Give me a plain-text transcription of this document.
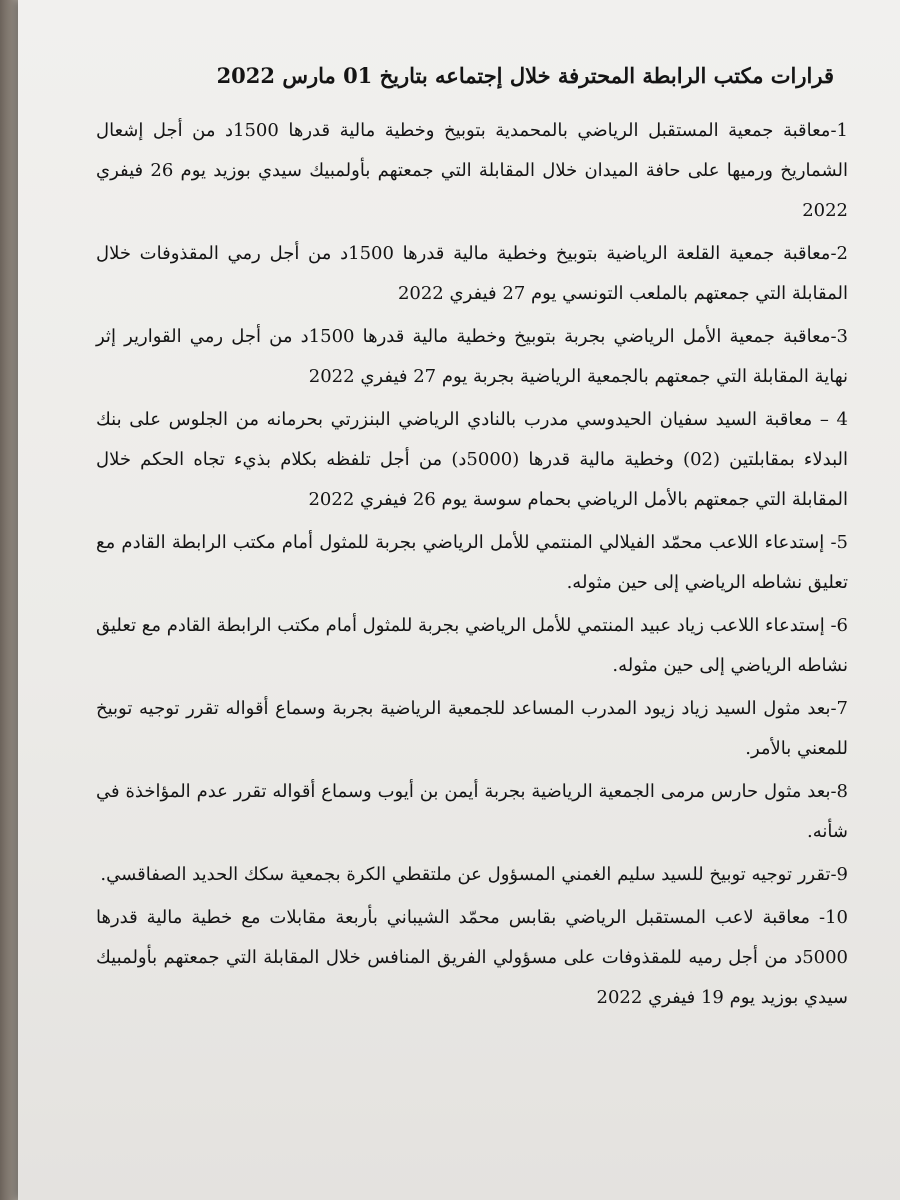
قرارات مكتب الرابطة المحترفة خلال إجتماعه بتاريخ 01 مارس 2022
1-معاقبة جمعية المستقبل الرياضي بالمحمدية بتوبيخ وخطية مالية قدرها 1500د من أجل إشعال الشماريخ ورميها على حافة الميدان خلال المقابلة التي جمعتهم بأولمبيك سيدي بوزيد يوم 26 فيفري 2022
2-معاقبة جمعية القلعة الرياضية بتوبيخ وخطية مالية قدرها 1500د من أجل رمي المقذوفات خلال المقابلة التي جمعتهم بالملعب التونسي يوم 27 فيفري 2022
3-معاقبة جمعية الأمل الرياضي بجربة بتوبيخ وخطية مالية قدرها 1500د من أجل رمي القوارير إثر نهاية المقابلة التي جمعتهم بالجمعية الرياضية بجربة يوم 27 فيفري 2022
4 – معاقبة السيد سفيان الحيدوسي مدرب بالنادي الرياضي البنزرتي بحرمانه من الجلوس على بنك البدلاء بمقابلتين (02) وخطية مالية قدرها (5000د) من أجل تلفظه بكلام بذيء تجاه الحكم خلال المقابلة التي جمعتهم بالأمل الرياضي بحمام سوسة يوم 26 فيفري 2022
5- إستدعاء اللاعب محمّد الفيلالي المنتمي للأمل الرياضي بجربة للمثول أمام مكتب الرابطة القادم مع تعليق نشاطه الرياضي إلى حين مثوله.
6- إستدعاء اللاعب زياد عبيد المنتمي للأمل الرياضي بجربة للمثول أمام مكتب الرابطة القادم مع تعليق نشاطه الرياضي إلى حين مثوله.
7-بعد مثول السيد زياد زيود المدرب المساعد للجمعية الرياضية بجربة وسماع أقواله تقرر توجيه توبيخ للمعني بالأمر.
8-بعد مثول حارس مرمى الجمعية الرياضية بجربة أيمن بن أيوب وسماع أقواله تقرر عدم المؤاخذة في شأنه.
9-تقرر توجيه توبيخ للسيد سليم الغمني المسؤول عن ملتقطي الكرة بجمعية سكك الحديد الصفاقسي.
10- معاقبة لاعب المستقبل الرياضي بقابس محمّد الشيباني بأربعة مقابلات مع خطية مالية قدرها 5000د من أجل رميه للمقذوفات على مسؤولي الفريق المنافس خلال المقابلة التي جمعتهم بأولمبيك سيدي بوزيد يوم 19 فيفري 2022
